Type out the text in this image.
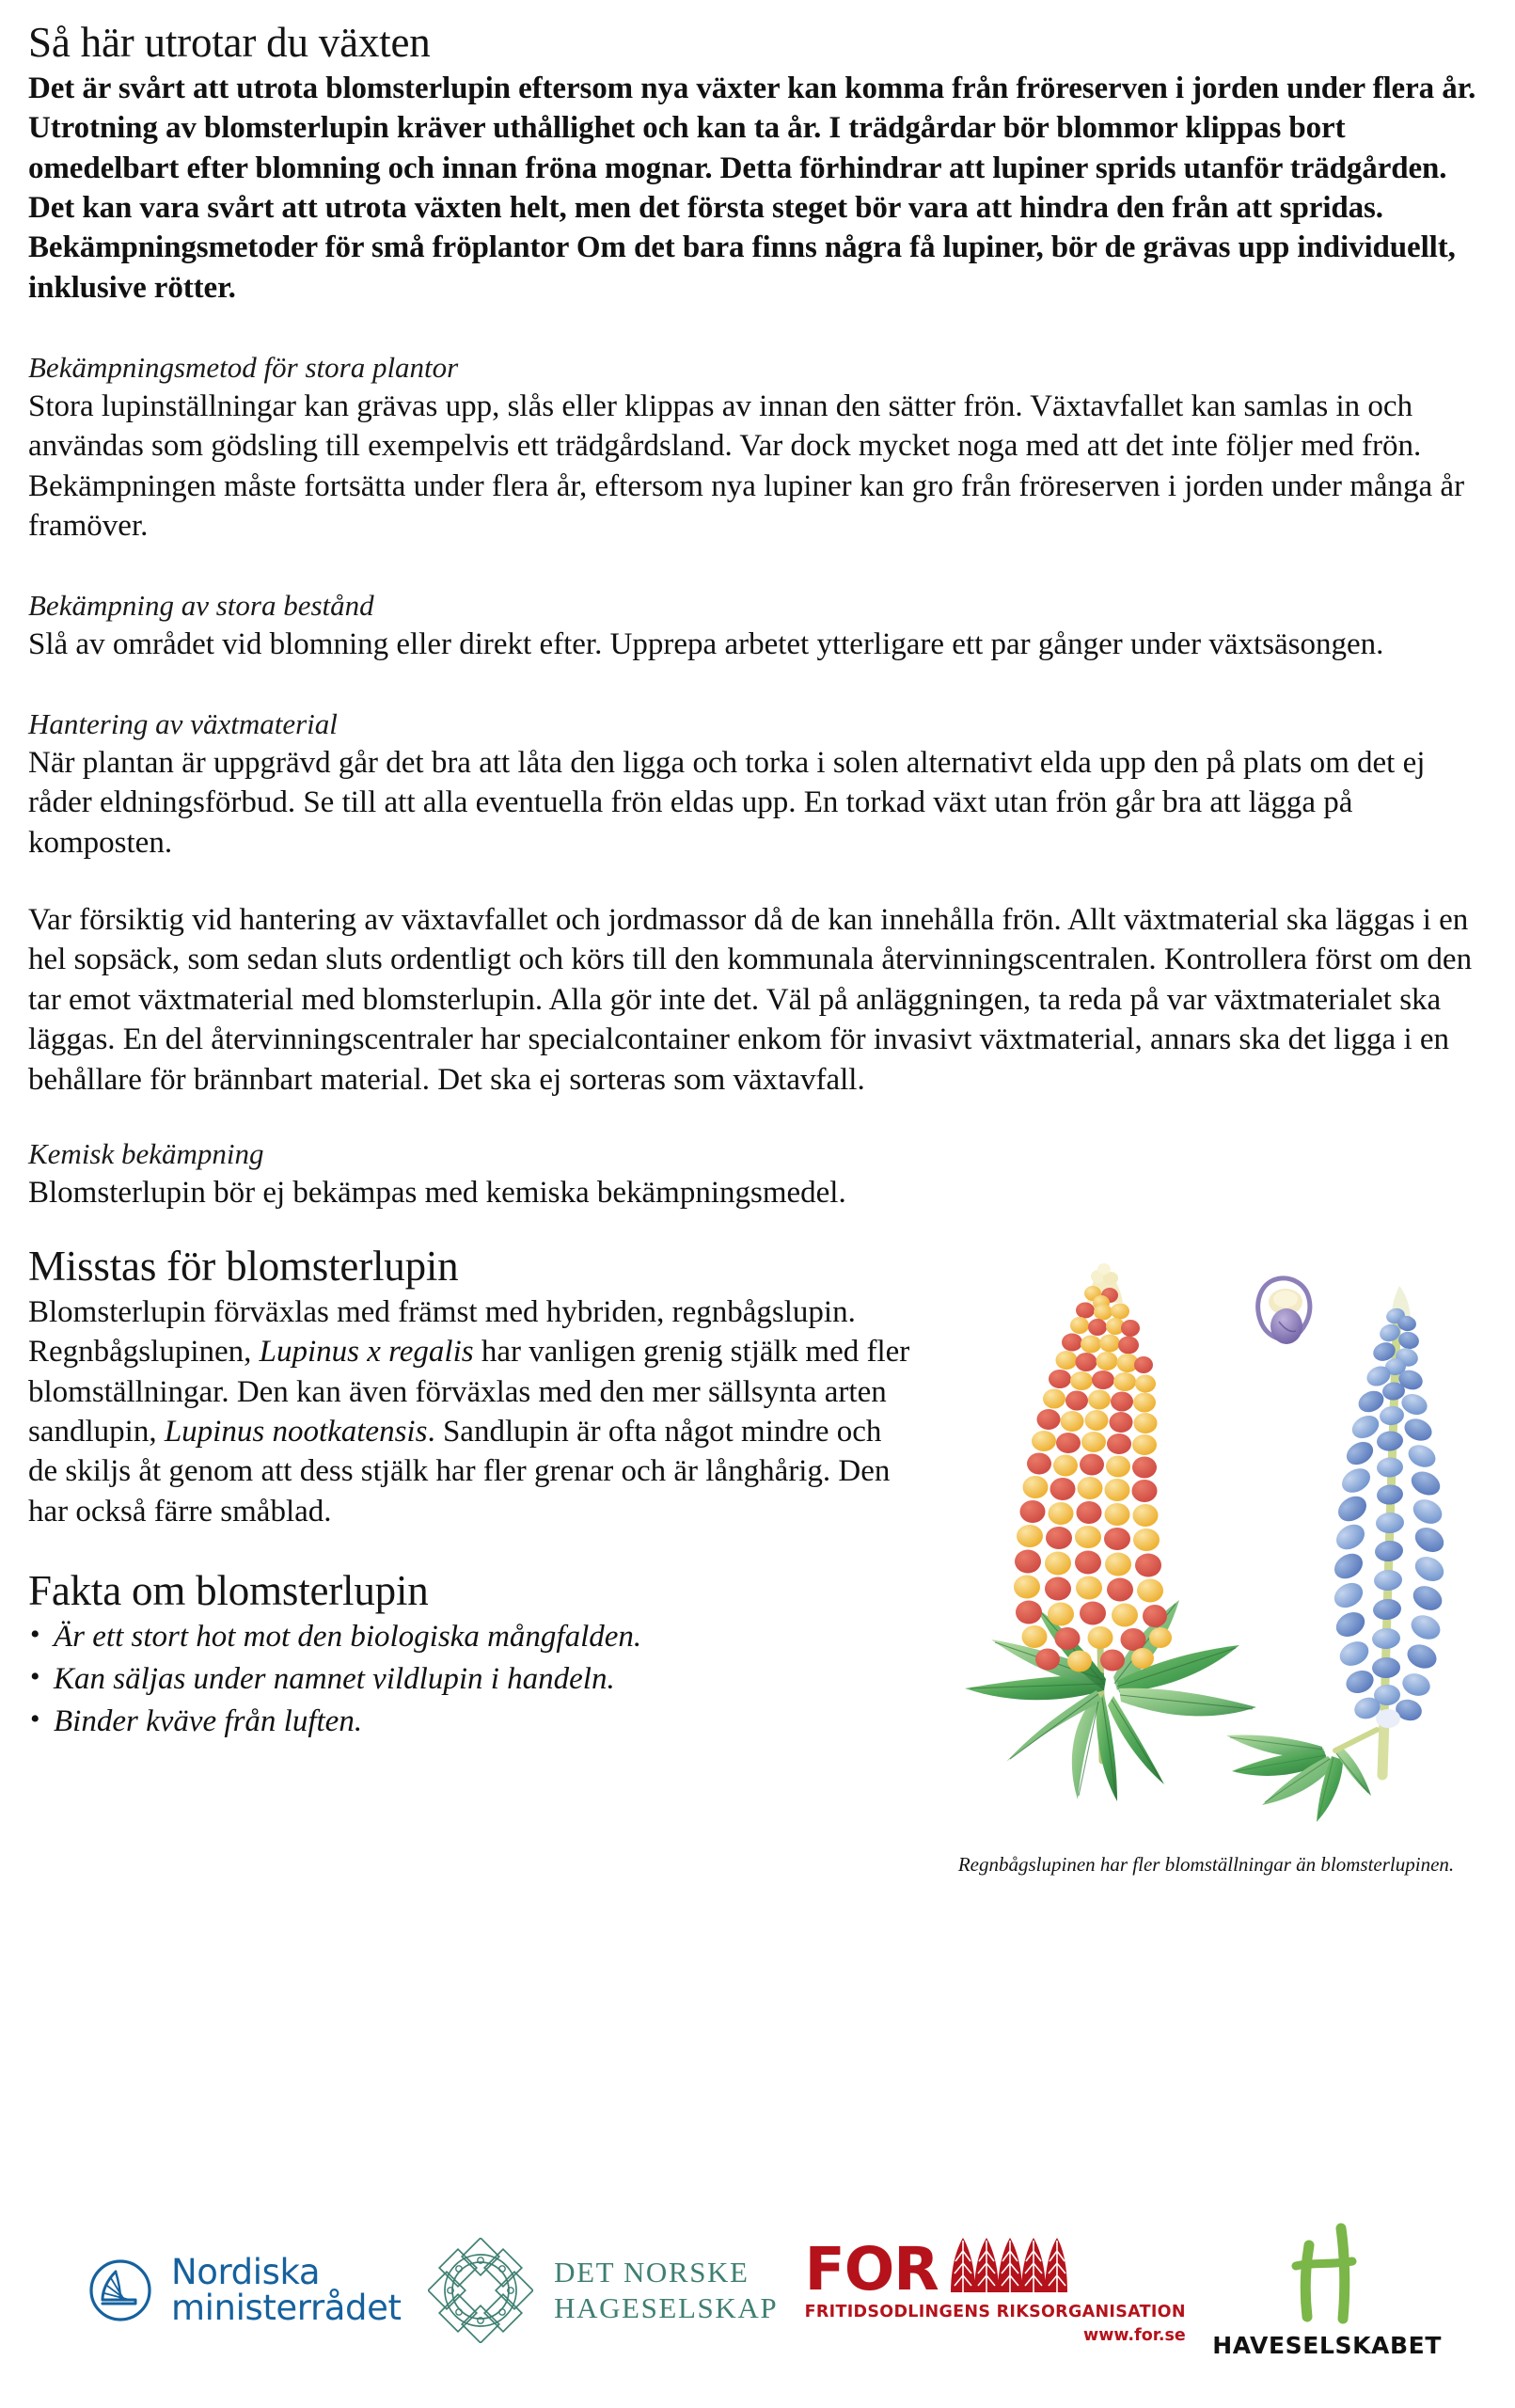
Så här utrotar du växten

Det är svårt att utrota blomsterlupin eftersom nya växter kan komma från fröreserven i jorden under flera år. Utrotning av blomsterlupin kräver uthållighet och kan ta år. I trädgårdar bör blommor klippas bort omedelbart efter blomning och innan fröna mognar. Detta förhindrar att lupiner sprids utanför trädgården. Det kan vara svårt att utrota växten helt, men det första steget bör vara att hindra den från att spridas. Bekämpningsmetoder för små fröplantor Om det bara finns några få lupiner, bör de grävas upp individuellt, inklusive rötter.

Bekämpningsmetod för stora plantor

Stora lupinställningar kan grävas upp, slås eller klippas av innan den sätter frön. Växtavfallet kan samlas in och användas som gödsling till exempelvis ett trädgårdsland. Var dock mycket noga med att det inte följer med frön. Bekämpningen måste fortsätta under flera år, eftersom nya lupiner kan gro från fröreserven i jorden under många år framöver.

Bekämpning av stora bestånd

Slå av området vid blomning eller direkt efter. Upprepa arbetet ytterligare ett par gånger under växtsäsongen.

Hantering av växtmaterial

När plantan är uppgrävd går det bra att låta den ligga och torka i solen alternativt elda upp den på plats om det ej råder eldningsförbud. Se till att alla eventuella frön eldas upp. En torkad växt utan frön går bra att lägga på komposten.

Var försiktig vid hantering av växtavfallet och jordmassor då de kan innehålla frön. Allt växtmaterial ska läggas i en hel sopsäck, som sedan sluts ordentligt och körs till den kommunala återvinningscentralen. Kontrollera först om den tar emot växtmaterial med blomsterlupin. Alla gör inte det. Väl på anläggningen, ta reda på var växtmaterialet ska läggas. En del återvinningscentraler har specialcontainer enkom för invasivt växtmaterial, annars ska det ligga i en behållare för brännbart material. Det ska ej sorteras som växtavfall.

Kemisk bekämpning

Blomsterlupin bör ej bekämpas med kemiska bekämpningsmedel.

Misstas för blomsterlupin

Blomsterlupin förväxlas med främst med hybriden, regnbågslupin. Regnbågslupinen, Lupinus x regalis har vanligen grenig stjälk med fler blomställningar. Den kan även förväxlas med den mer sällsynta arten sandlupin, Lupinus nootkatensis. Sandlupin är ofta något mindre och de skiljs åt genom att dess stjälk har fler grenar och är långhårig. Den har också färre småblad.

Fakta om blomsterlupin
• Är ett stort hot mot den biologiska mångfalden.
• Kan säljas under namnet vildlupin i handeln.
• Binder kväve från luften.
Regnbågslupinen har fler blomställningar än blomsterlupinen.
Nordiska
ministerrådet
DET NORSKE
HAGESELSKAP
FOR
FRITIDSODLINGENS RIKSORGANISATION
www.for.se HAVESELSKABET
